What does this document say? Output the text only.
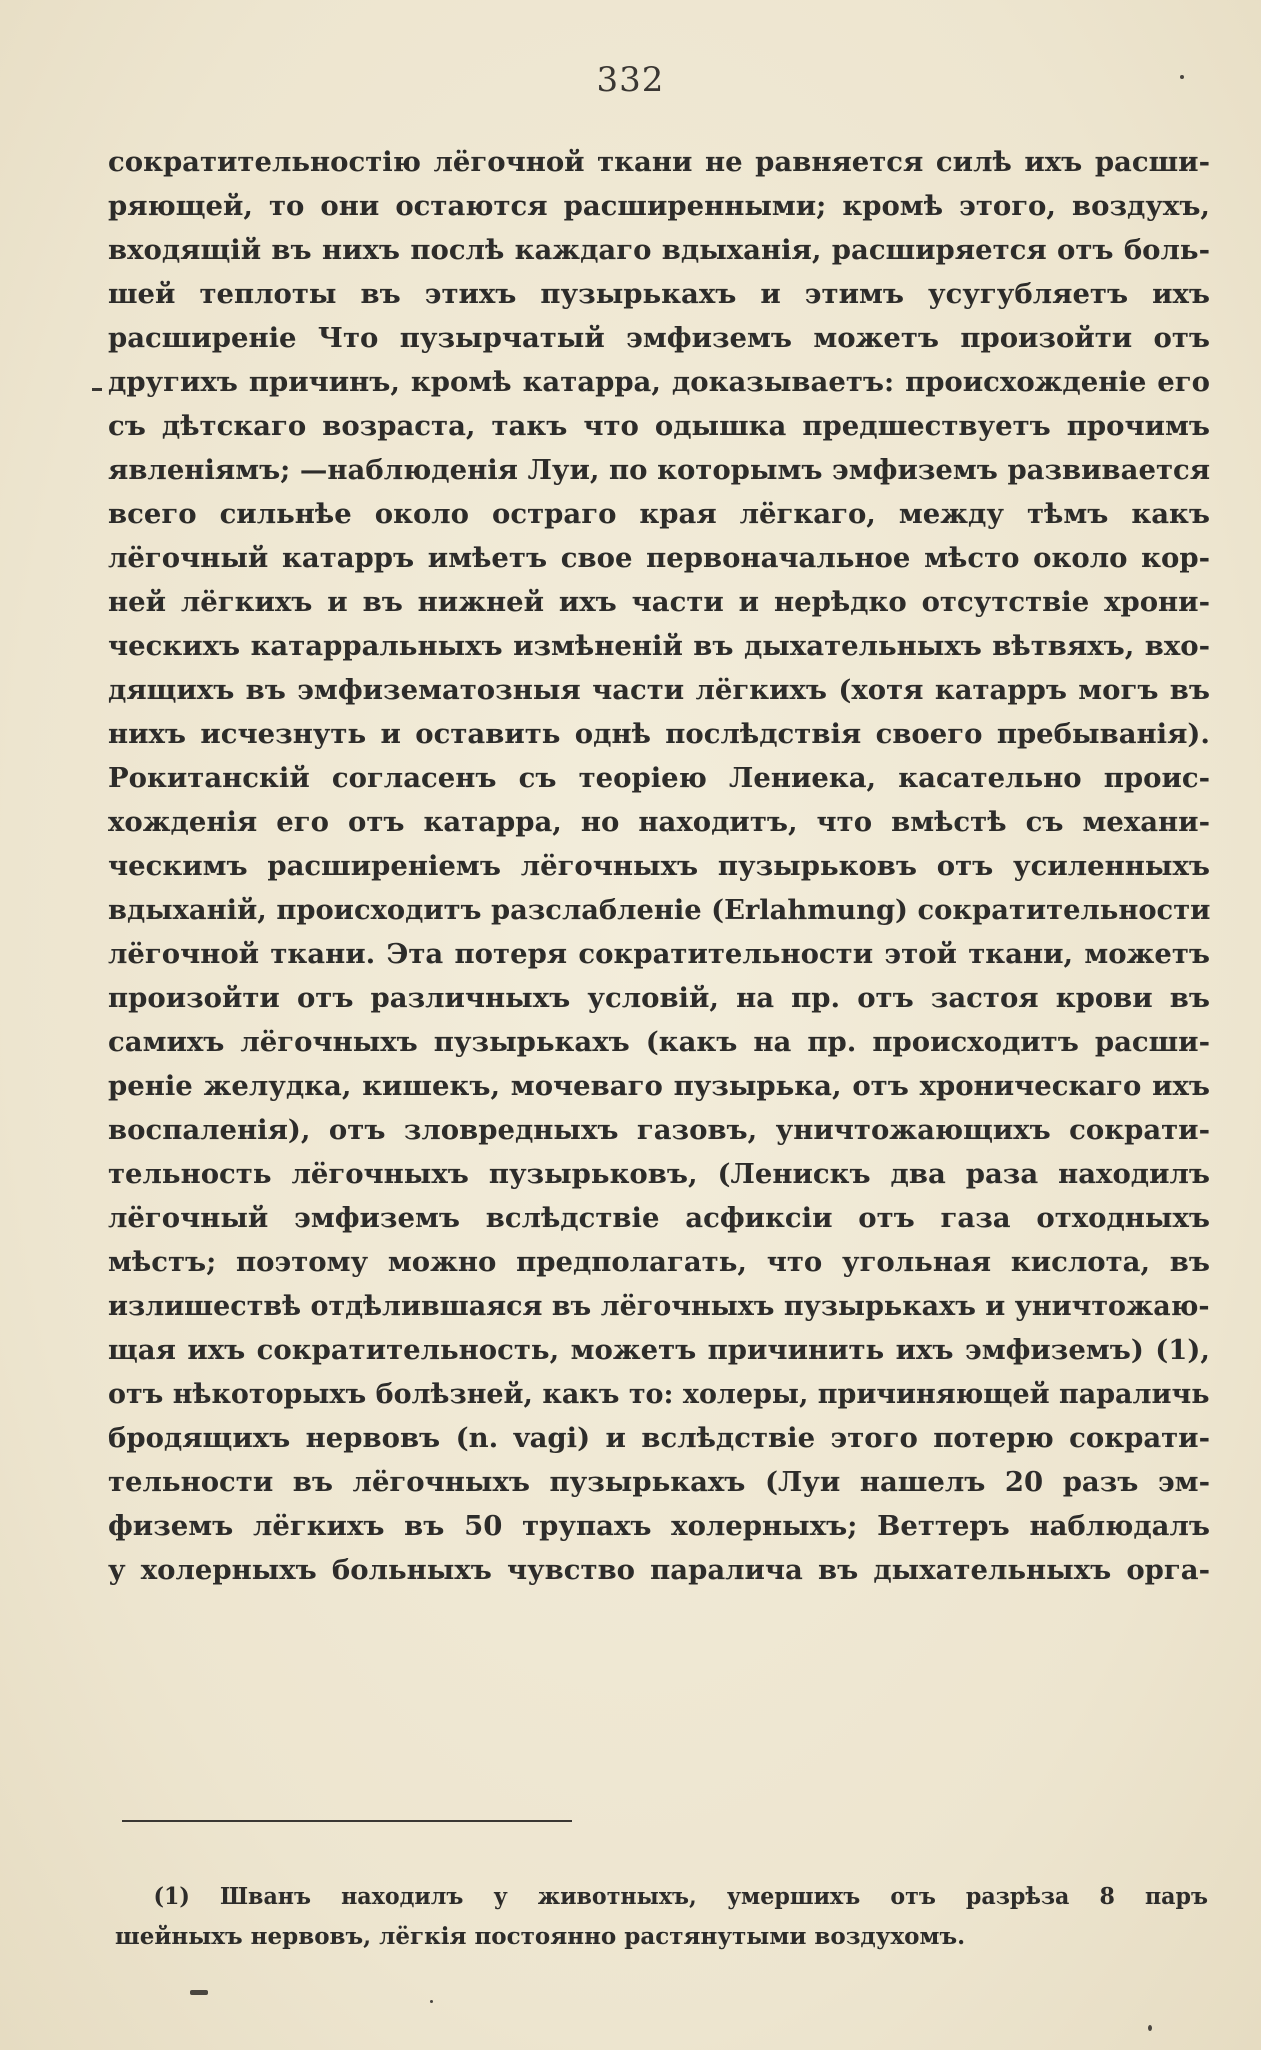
332
сократительностію лёгочной ткани не равняется силѣ ихъ расши-
ряющей, то они остаются расширенными; кромѣ этого, воздухъ,
входящій въ нихъ послѣ каждаго вдыханія, расширяется отъ боль-
шей теплоты въ этихъ пузырькахъ и этимъ усугубляетъ ихъ
расширеніе Что пузырчатый эмфиземъ можетъ произойти отъ
другихъ причинъ, кромѣ катарра, доказываетъ: происхожденіе его
съ дѣтскаго возраста, такъ что одышка предшествуетъ прочимъ
явленіямъ; —наблюденія Луи, по которымъ эмфиземъ развивается
всего сильнѣе около остраго края лёгкаго, между тѣмъ какъ
лёгочный катарръ имѣетъ свое первоначальное мѣсто около кор-
ней лёгкихъ и въ нижней ихъ части и нерѣдко отсутствіе хрони-
ческихъ катарральныхъ измѣненій въ дыхательныхъ вѣтвяхъ, вхо-
дящихъ въ эмфизематозныя части лёгкихъ (хотя катарръ могъ въ
нихъ исчезнуть и оставить однѣ послѣдствія своего пребыванія).
Рокитанскій согласенъ съ теоріею Лениека, касательно проис-
хожденія его отъ катарра, но находитъ, что вмѣстѣ съ механи-
ческимъ расширеніемъ лёгочныхъ пузырьковъ отъ усиленныхъ
вдыханій, происходитъ разслабленіе (Erlahmung) сократительности
лёгочной ткани. Эта потеря сократительности этой ткани, можетъ
произойти отъ различныхъ условій, на пр. отъ застоя крови въ
самихъ лёгочныхъ пузырькахъ (какъ на пр. происходитъ расши-
реніе желудка, кишекъ, мочеваго пузырька, отъ хроническаго ихъ
воспаленія), отъ зловредныхъ газовъ, уничтожающихъ сократи-
тельность лёгочныхъ пузырьковъ, (Ленискъ два раза находилъ
лёгочный эмфиземъ вслѣдствіе асфиксіи отъ газа отходныхъ
мѣстъ; поэтому можно предполагать, что угольная кислота, въ
излишествѣ отдѣлившаяся въ лёгочныхъ пузырькахъ и уничтожаю-
щая ихъ сократительность, можетъ причинить ихъ эмфиземъ) (1),
отъ нѣкоторыхъ болѣзней, какъ то: холеры, причиняющей параличь
бродящихъ нервовъ (n. vagi) и вслѣдствіе этого потерю сократи-
тельности въ лёгочныхъ пузырькахъ (Луи нашелъ 20 разъ эм-
физемъ лёгкихъ въ 50 трупахъ холерныхъ; Веттеръ наблюдалъ
у холерныхъ больныхъ чувство паралича въ дыхательныхъ орга-
(1) Шванъ находилъ у животныхъ, умершихъ отъ разрѣза 8 паръ
шейныхъ нервовъ, лёгкія постоянно растянутыми воздухомъ.
